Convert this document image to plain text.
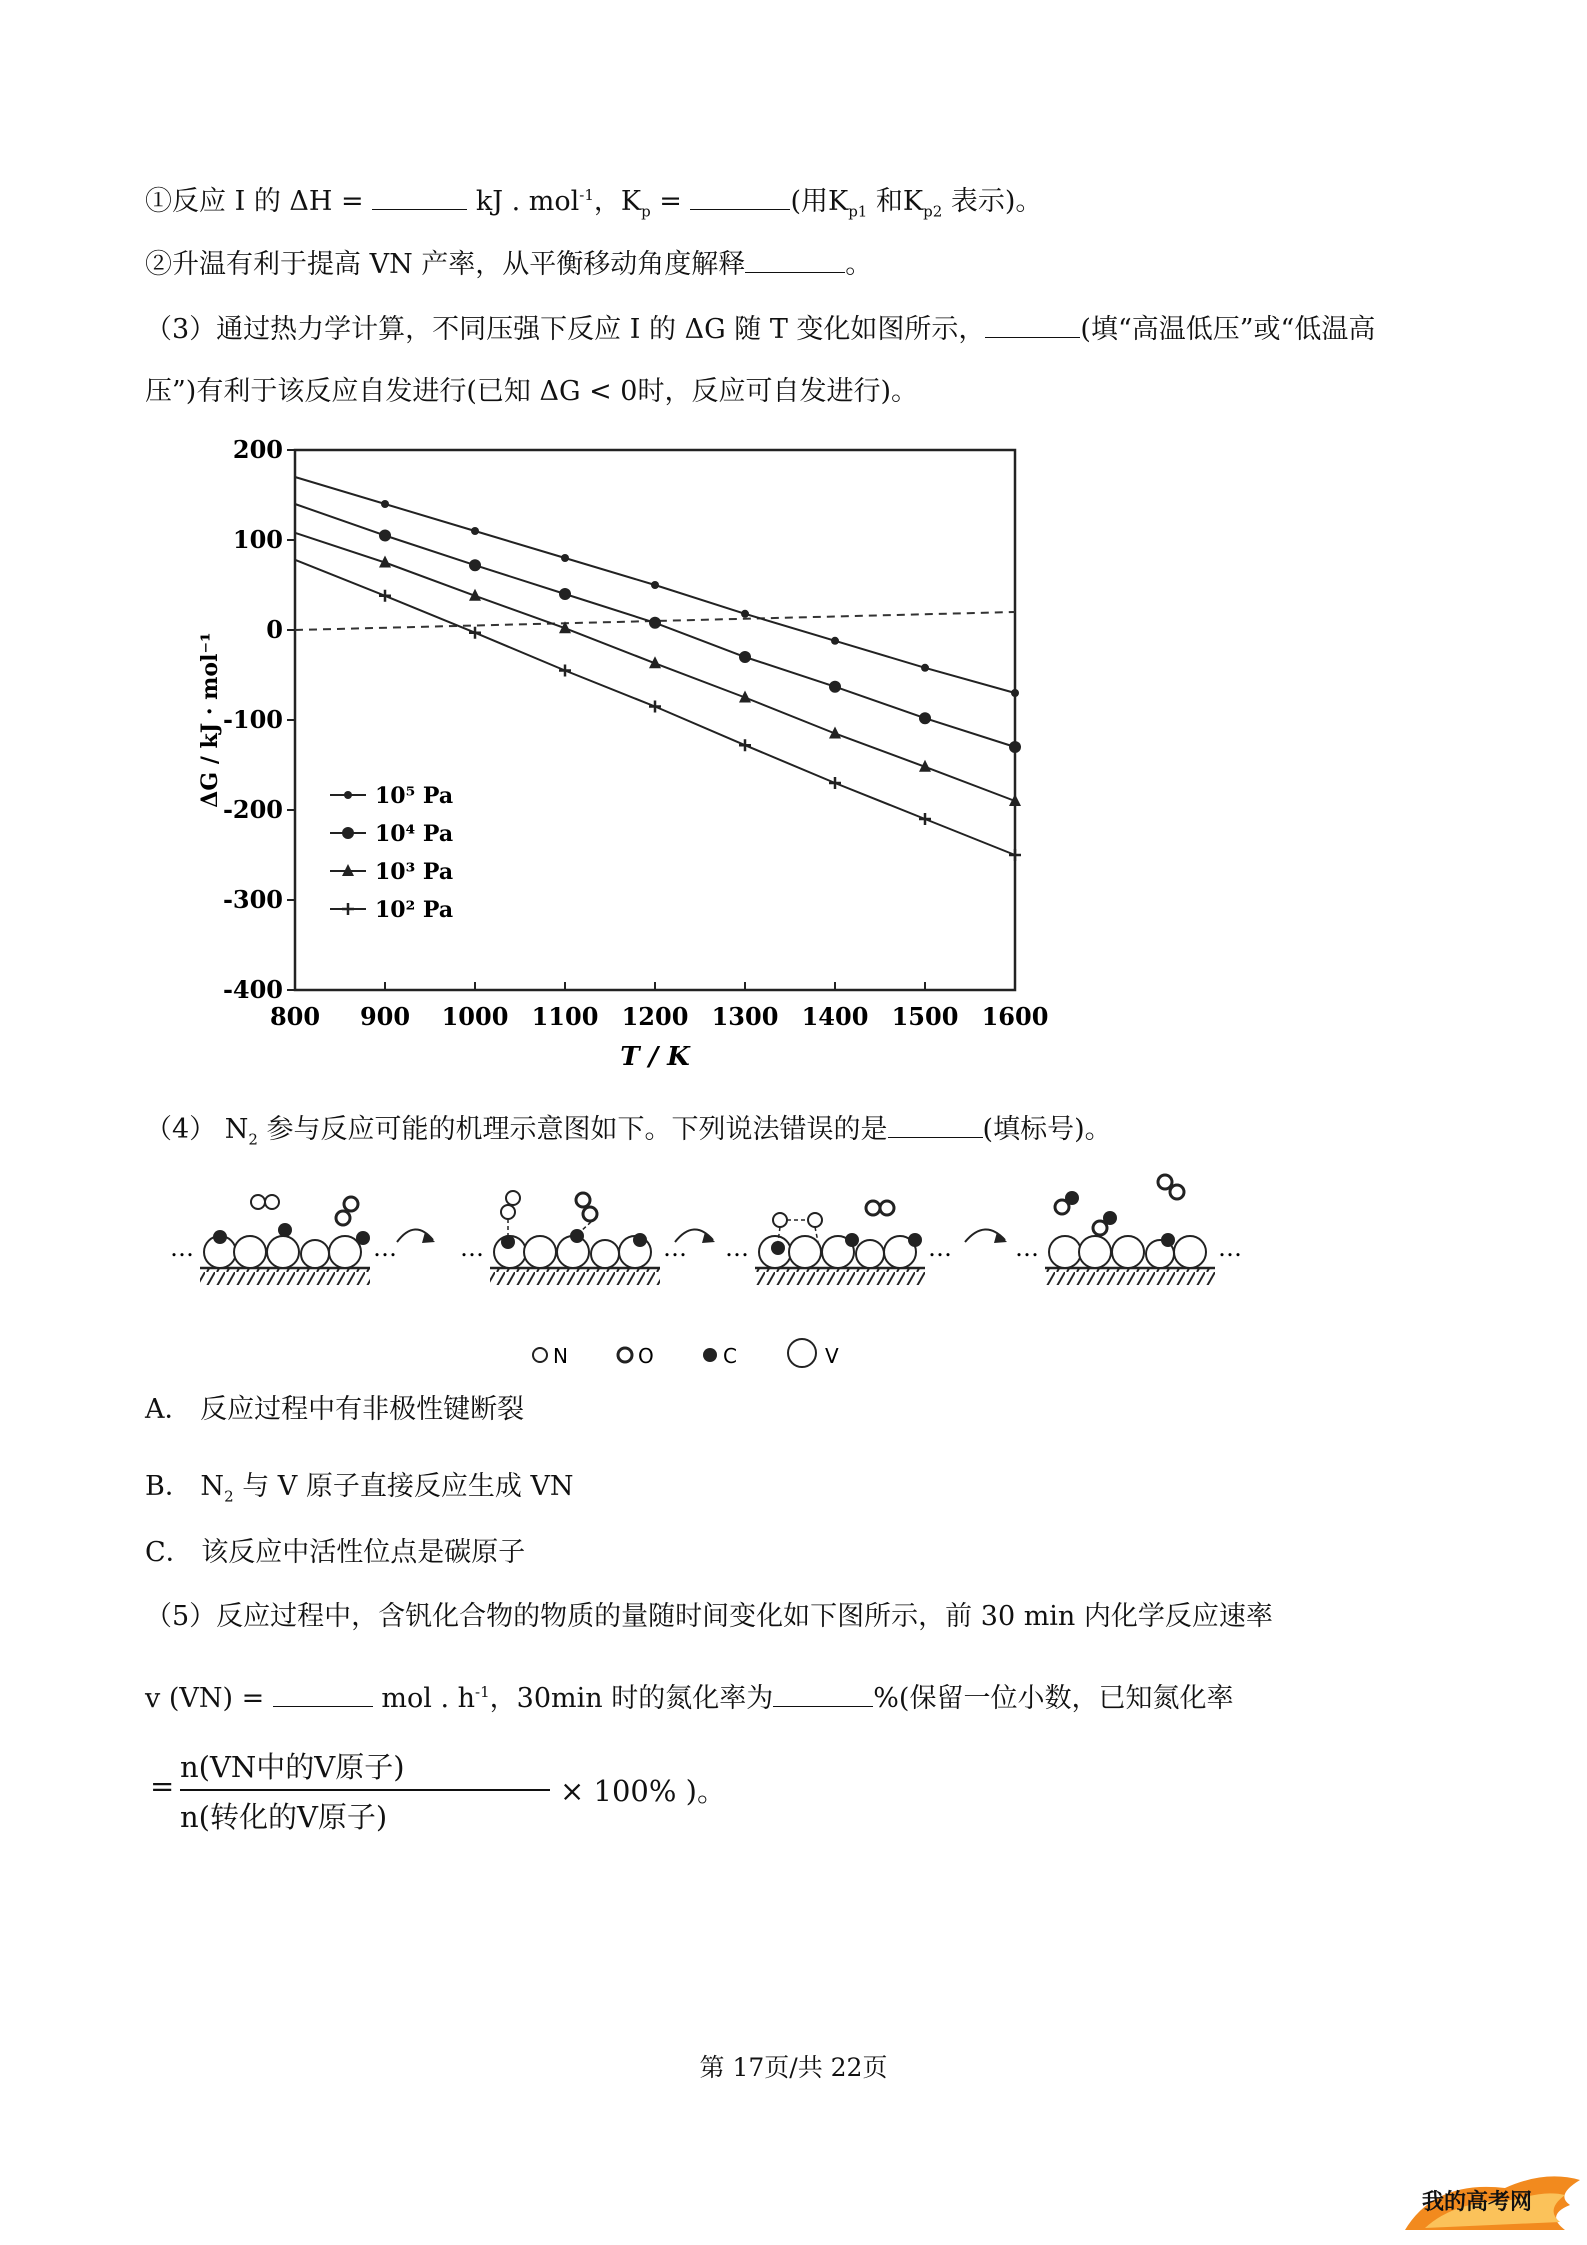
①反应 Ⅰ 的 ΔH =	kJ . mol$^{-1}$，$K_p$ =	(用$K_{p1}$ 和$K_{p2}$ 表示)。
②升温有利于提高 VN 产率，从平衡移动角度解释	。
（3）通过热力学计算，不同压强下反应 Ⅰ 的 ΔG 随 T 变化如图所示，	(填“高温低压”或“低温高
压”)有利于该反应自发进行(已知 ΔG < 0时，反应可自发进行)。
200
100
0
-100
-200
-300
-400
800 900 1000 1100 1200 1300 1400 1500 1600
T / K
ΔG / kJ · mol⁻¹	10⁵ Pa
10⁴ Pa
10³ Pa
10² Pa
（4） $N_2$ 参与反应可能的机理示意图如下。下列说法错误的是	(填标号)。
…	…	…	… …	…	…	…
N	O	C	V
A． 反应过程中有非极性键断裂
B． $N_2$ 与 V 原子直接反应生成 VN
C． 该反应中活性位点是碳原子
（5）反应过程中，含钒化合物的物质的量随时间变化如下图所示，前 30 min 内化学反应速率
v (VN) =	mol . $h^{-1}$，30min 时的氮化率为	%(保留一位小数，已知氮化率
=
n(VN中的V原子)
n(转化的V原子)
× 100% )。
第 17页/共 22页
我的高考网
